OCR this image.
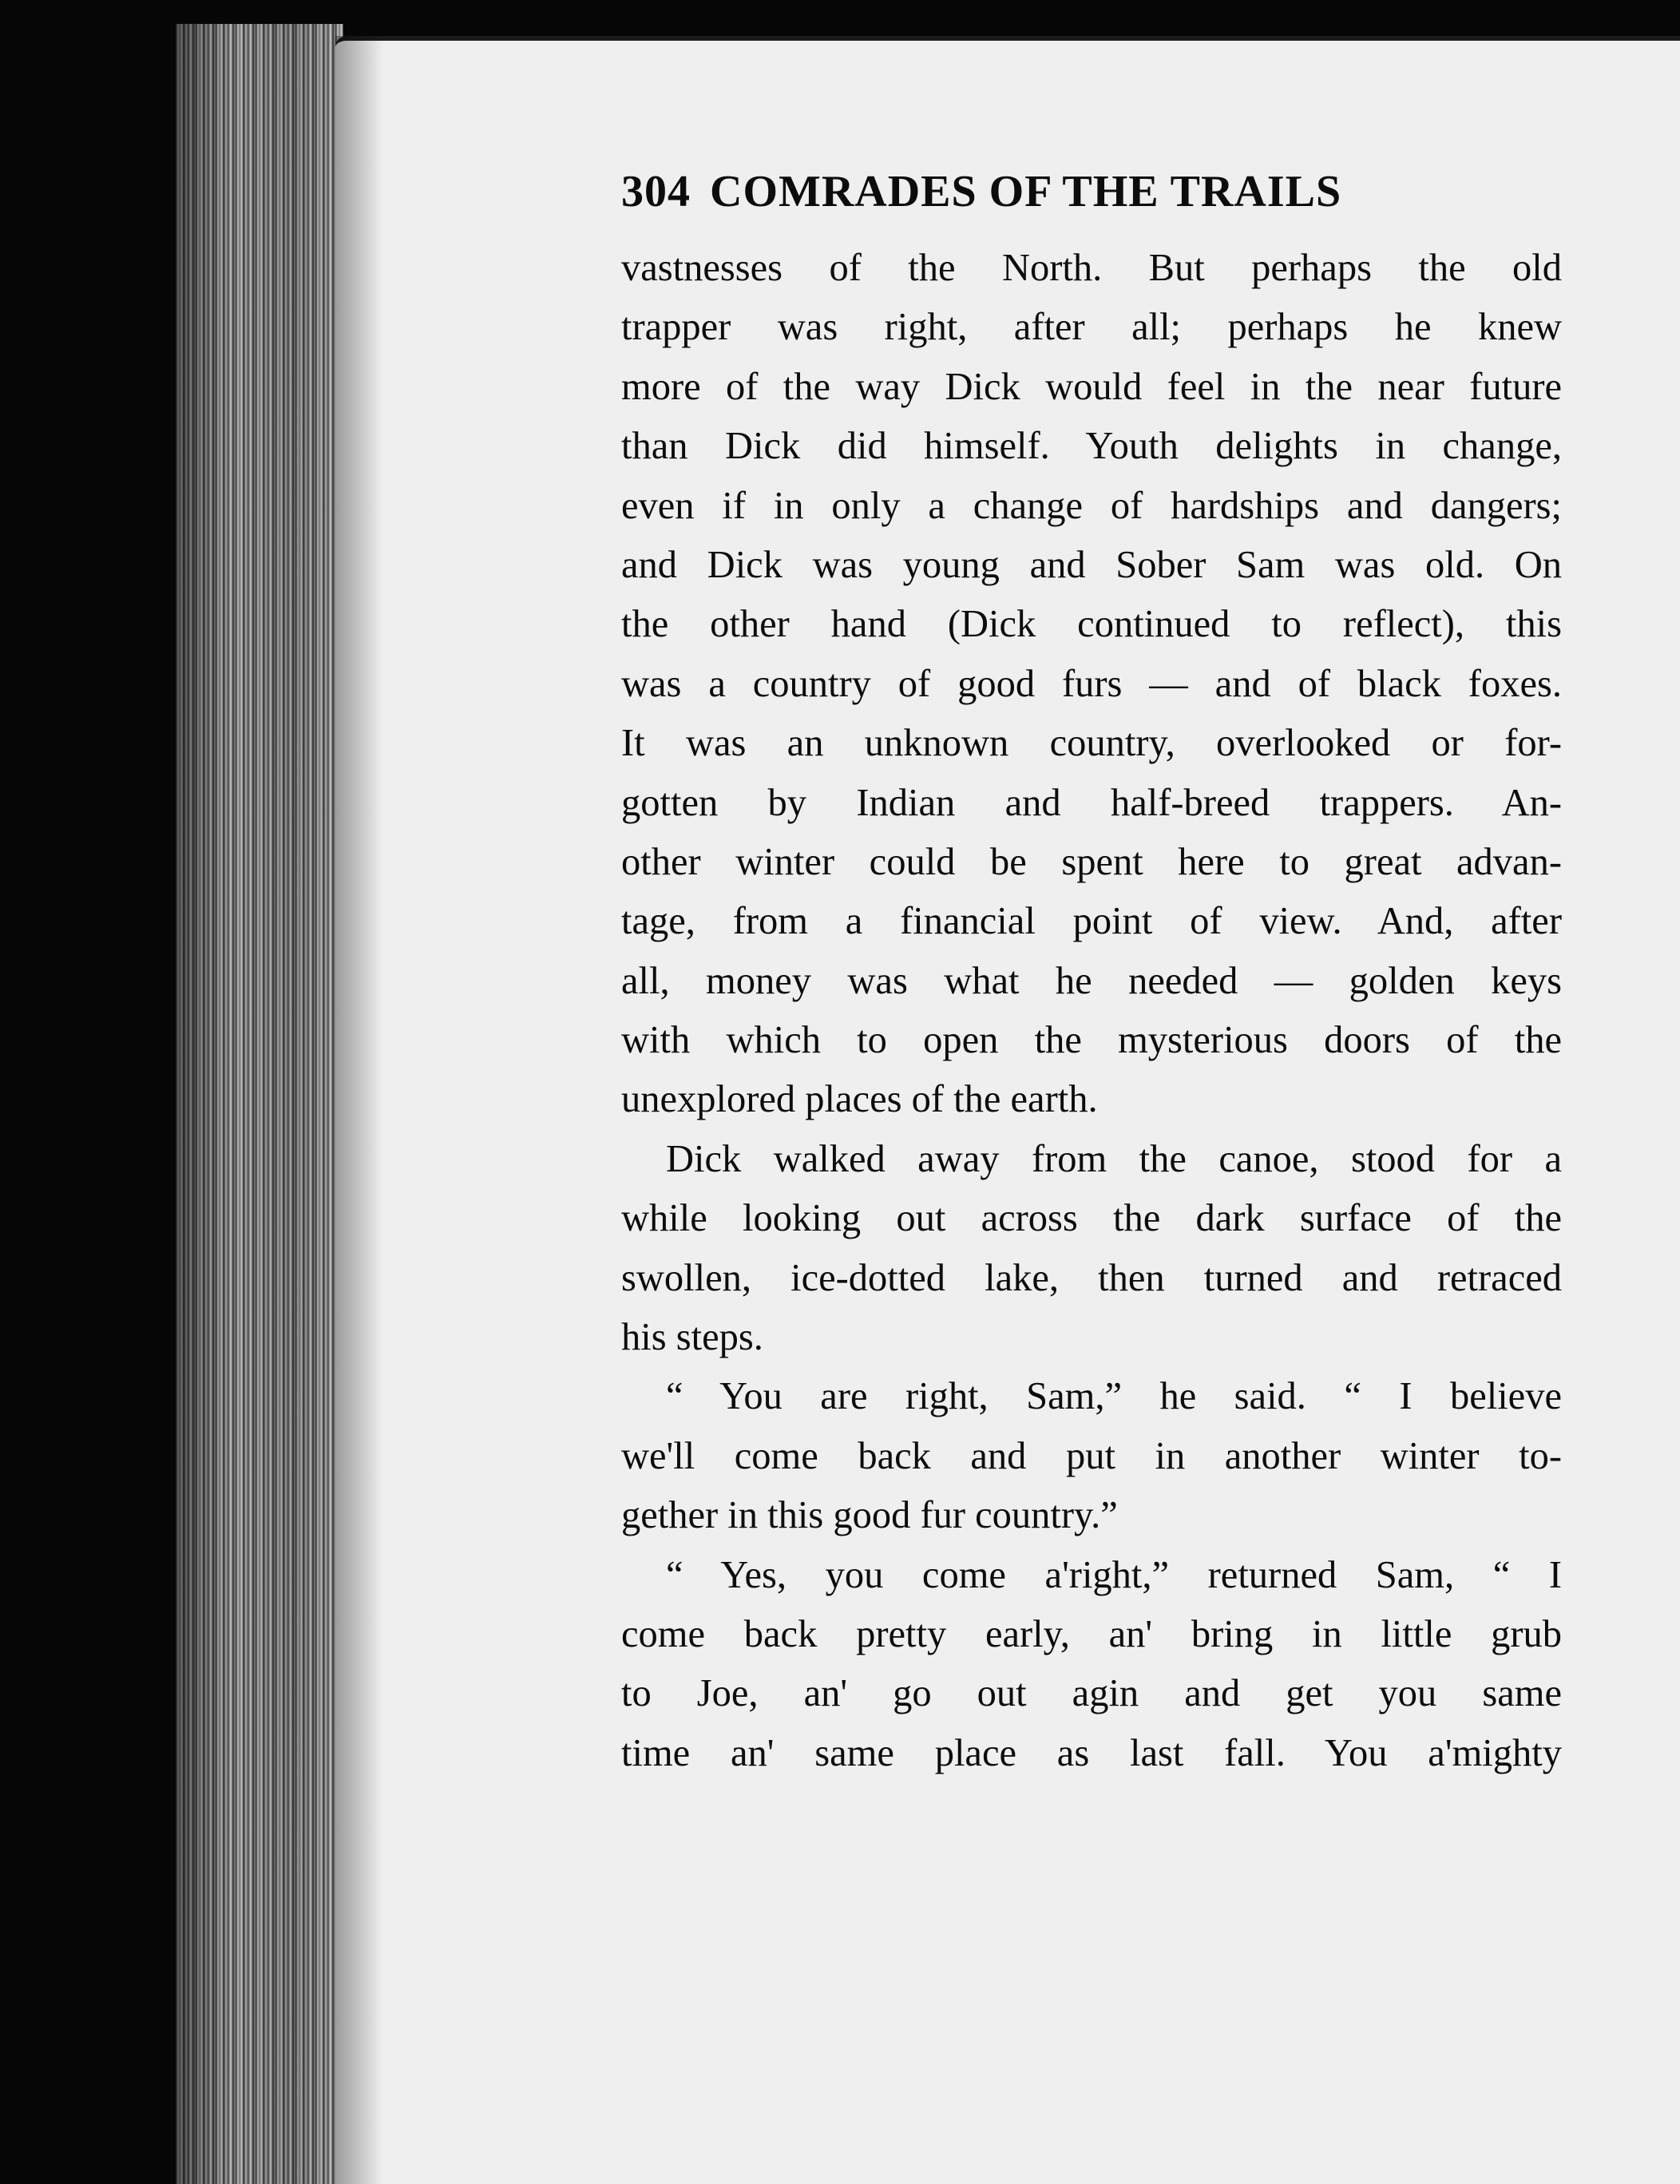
304 COMRADES OF THE TRAILS
vastnesses of the North. But perhaps the old
trapper was right, after all; perhaps he knew
more of the way Dick would feel in the near future
than Dick did himself. Youth delights in change,
even if in only a change of hardships and dangers;
and Dick was young and Sober Sam was old. On
the other hand (Dick continued to reflect), this
was a country of good furs — and of black foxes.
It was an unknown country, overlooked or for-
gotten by Indian and half-breed trappers. An-
other winter could be spent here to great advan-
tage, from a financial point of view. And, after
all, money was what he needed — golden keys
with which to open the mysterious doors of the
unexplored places of the earth.
Dick walked away from the canoe, stood for a
while looking out across the dark surface of the
swollen, ice-dotted lake, then turned and retraced
his steps.
“ You are right, Sam,” he said. “ I believe
we'll come back and put in another winter to-
gether in this good fur country.”
“ Yes, you come a'right,” returned Sam, “ I
come back pretty early, an' bring in little grub
to Joe, an' go out agin and get you same
time an' same place as last fall. You a'mighty
